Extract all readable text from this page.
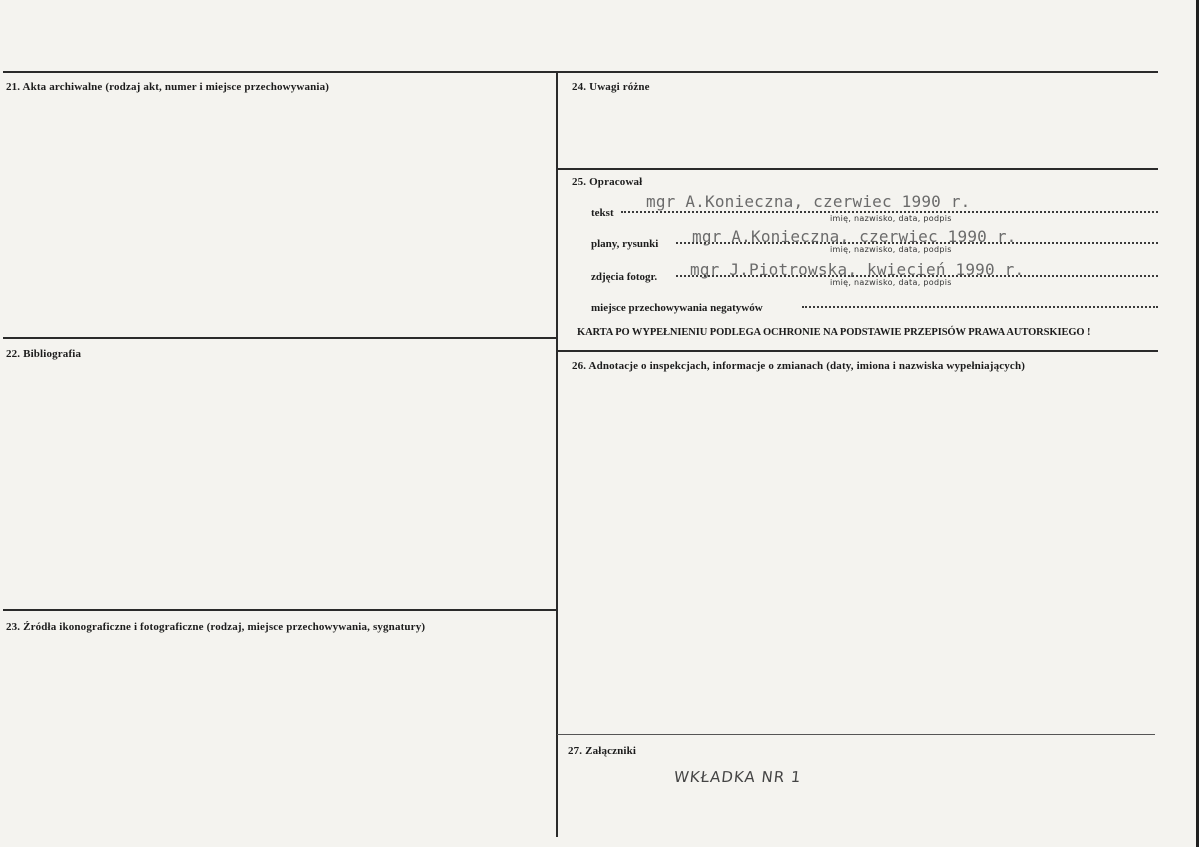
21. Akta archiwalne (rodzaj akt, numer i miejsce przechowywania)
22. Bibliografia
23. Źródła ikonograficzne i fotograficzne (rodzaj, miejsce przechowywania, sygnatury)
24. Uwagi różne
25. Opracował
26. Adnotacje o inspekcjach, informacje o zmianach (daty, imiona i nazwiska wypełniających)
27. Załączniki
tekst
mgr A.Konieczna, czerwiec 1990 r.
imię, nazwisko, data, podpis
plany, rysunki mgr A.Konieczna, czerwiec 1990 r.
imię, nazwisko, data, podpis
zdjęcia fotogr. mgr J.Piotrowska, kwiecień 1990 r.
imię, nazwisko, data, podpis
miejsce przechowywania negatywów
KARTA PO WYPEŁNIENIU PODLEGA OCHRONIE NA PODSTAWIE PRZEPISÓW PRAWA AUTORSKIEGO !
WKŁADKA NR 1
